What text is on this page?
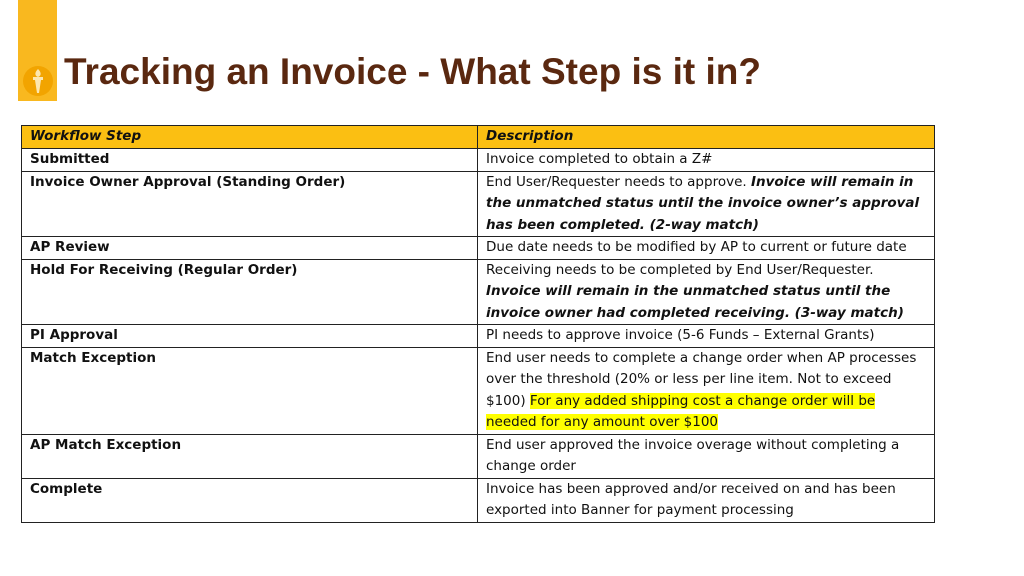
Tracking an Invoice - What Step is it in?
Workflow Step	Description
Submitted	Invoice completed to obtain a Z#
Invoice Owner Approval (Standing Order)	End User/Requester needs to approve. Invoice will remain in the unmatched status until the invoice owner’s approval has been completed. (2-way match)
AP Review	Due date needs to be modified by AP to current or future date
Hold For Receiving (Regular Order)	Receiving needs to be completed by End User/Requester. Invoice will remain in the unmatched status until the invoice owner had completed receiving. (3-way match)
PI Approval	PI needs to approve invoice (5-6 Funds – External Grants)
Match Exception	End user needs to complete a change order when AP processes over the threshold (20% or less per line item. Not to exceed $100) For any added shipping cost a change order will be needed for any amount over $100
AP Match Exception	End user approved the invoice overage without completing a change order
Complete	Invoice has been approved and/or received on and has been exported into Banner for payment processing
